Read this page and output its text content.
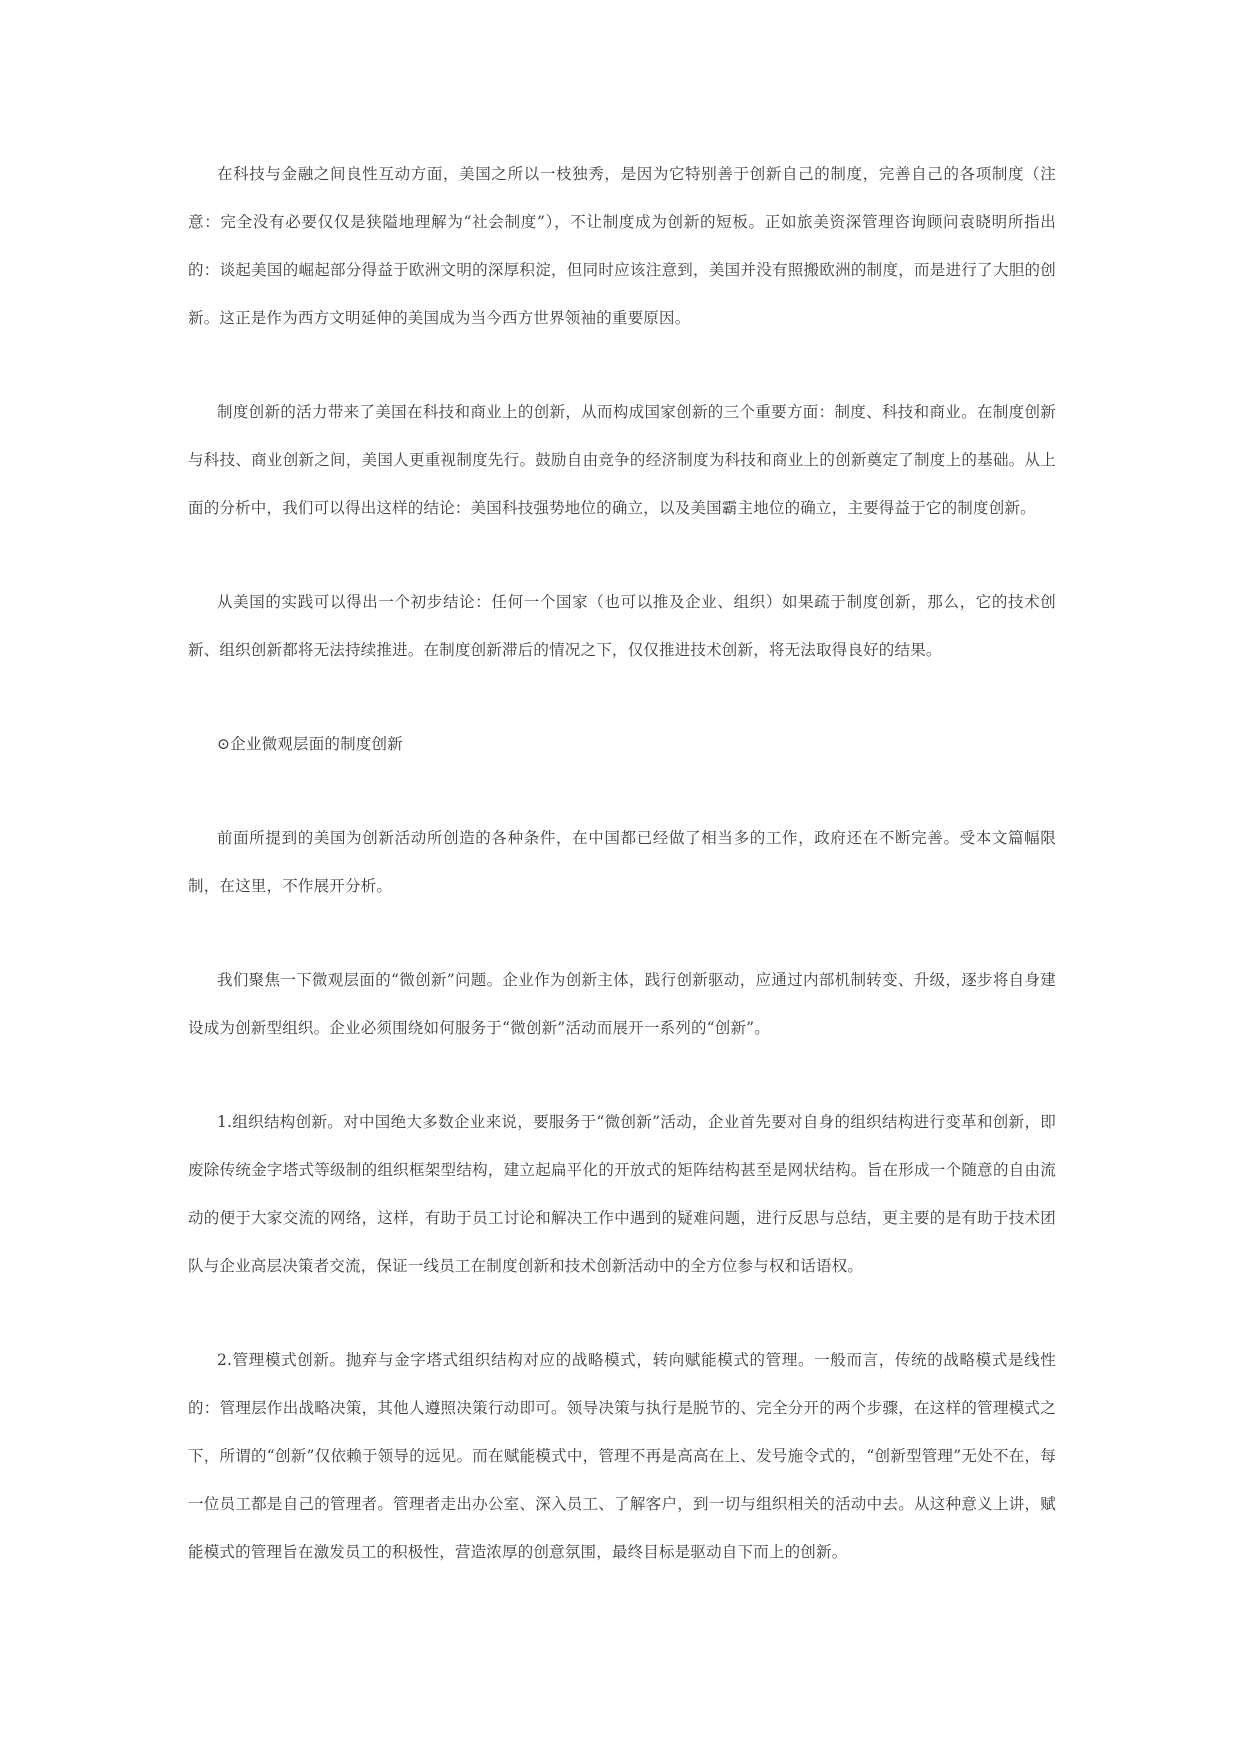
在科技与金融之间良性互动方面，美国之所以一枝独秀，是因为它特别善于创新自己的制度，完善自己的各项制度（注意：完全没有必要仅仅是狭隘地理解为“社会制度”），不让制度成为创新的短板。正如旅美资深管理咨询顾问袁晓明所指出的：谈起美国的崛起部分得益于欧洲文明的深厚积淀，但同时应该注意到，美国并没有照搬欧洲的制度，而是进行了大胆的创新。这正是作为西方文明延伸的美国成为当今西方世界领袖的重要原因。

制度创新的活力带来了美国在科技和商业上的创新，从而构成国家创新的三个重要方面：制度、科技和商业。在制度创新与科技、商业创新之间，美国人更重视制度先行。鼓励自由竞争的经济制度为科技和商业上的创新奠定了制度上的基础。从上面的分析中，我们可以得出这样的结论：美国科技强势地位的确立，以及美国霸主地位的确立，主要得益于它的制度创新。

从美国的实践可以得出一个初步结论：任何一个国家（也可以推及企业、组织）如果疏于制度创新，那么，它的技术创新、组织创新都将无法持续推进。在制度创新滞后的情况之下，仅仅推进技术创新，将无法取得良好的结果。

⊙企业微观层面的制度创新

前面所提到的美国为创新活动所创造的各种条件，在中国都已经做了相当多的工作，政府还在不断完善。受本文篇幅限制，在这里，不作展开分析。

我们聚焦一下微观层面的“微创新”问题。企业作为创新主体，践行创新驱动，应通过内部机制转变、升级，逐步将自身建设成为创新型组织。企业必须围绕如何服务于“微创新”活动而展开一系列的“创新”。

1.组织结构创新。对中国绝大多数企业来说，要服务于“微创新”活动，企业首先要对自身的组织结构进行变革和创新，即废除传统金字塔式等级制的组织框架型结构，建立起扁平化的开放式的矩阵结构甚至是网状结构。旨在形成一个随意的自由流动的便于大家交流的网络，这样，有助于员工讨论和解决工作中遇到的疑难问题，进行反思与总结，更主要的是有助于技术团队与企业高层决策者交流，保证一线员工在制度创新和技术创新活动中的全方位参与权和话语权。

2.管理模式创新。抛弃与金字塔式组织结构对应的战略模式，转向赋能模式的管理。一般而言，传统的战略模式是线性的：管理层作出战略决策，其他人遵照决策行动即可。领导决策与执行是脱节的、完全分开的两个步骤，在这样的管理模式之下，所谓的“创新”仅依赖于领导的远见。而在赋能模式中，管理不再是高高在上、发号施令式的，“创新型管理”无处不在，每一位员工都是自己的管理者。管理者走出办公室、深入员工、了解客户，到一切与组织相关的活动中去。从这种意义上讲，赋能模式的管理旨在激发员工的积极性，营造浓厚的创意氛围，最终目标是驱动自下而上的创新。
